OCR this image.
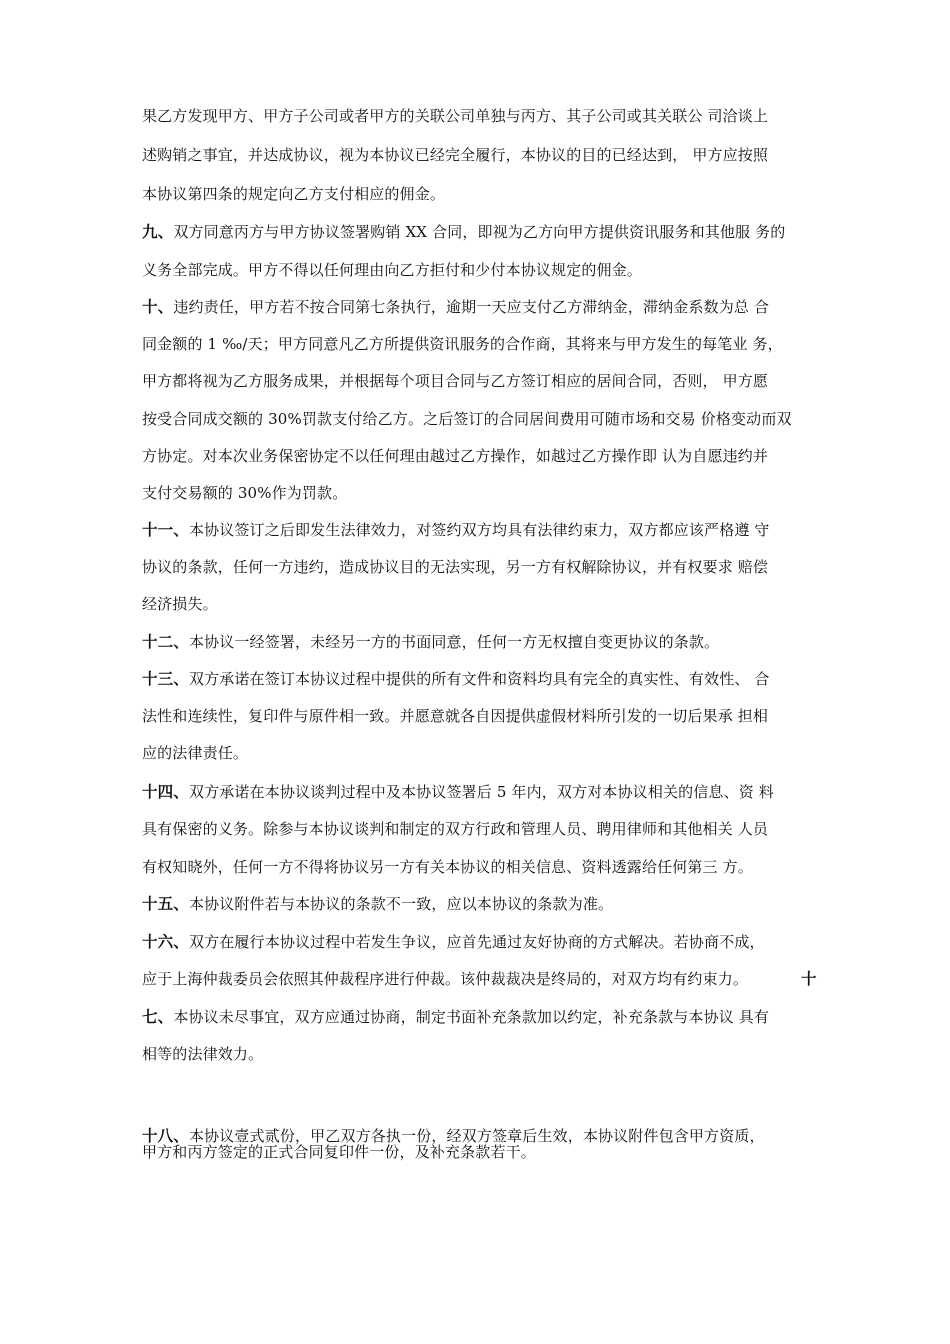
果乙方发现甲方、甲方子公司或者甲方的关联公司单独与丙方、其子公司或其关联公 司洽谈上
述购销之事宜，并达成协议，视为本协议已经完全履行，本协议的目的已经达到， 甲方应按照
本协议第四条的规定向乙方支付相应的佣金。
九、双方同意丙方与甲方协议签署购销 XX 合同，即视为乙方向甲方提供资讯服务和其他服 务的
义务全部完成。甲方不得以任何理由向乙方拒付和少付本协议规定的佣金。
十、违约责任，甲方若不按合同第七条执行，逾期一天应支付乙方滞纳金，滞纳金系数为总 合
同金额的 1 ‰/天；甲方同意凡乙方所提供资讯服务的合作商，其将来与甲方发生的每笔业 务，
甲方都将视为乙方服务成果，并根据每个项目合同与乙方签订相应的居间合同，否则， 甲方愿
按受合同成交额的 30%罚款支付给乙方。之后签订的合同居间费用可随市场和交易 价格变动而双
方协定。对本次业务保密协定不以任何理由越过乙方操作，如越过乙方操作即 认为自愿违约并
支付交易额的 30%作为罚款。
十一、本协议签订之后即发生法律效力，对签约双方均具有法律约束力，双方都应该严格遵 守
协议的条款，任何一方违约，造成协议目的无法实现，另一方有权解除协议，并有权要求 赔偿
经济损失。
十二、本协议一经签署，未经另一方的书面同意，任何一方无权擅自变更协议的条款。
十三、双方承诺在签订本协议过程中提供的所有文件和资料均具有完全的真实性、有效性、 合
法性和连续性，复印件与原件相一致。并愿意就各自因提供虚假材料所引发的一切后果承 担相
应的法律责任。
十四、双方承诺在本协议谈判过程中及本协议签署后 5 年内，双方对本协议相关的信息、资 料
具有保密的义务。除参与本协议谈判和制定的双方行政和管理人员、聘用律师和其他相关 人员
有权知晓外，任何一方不得将协议另一方有关本协议的相关信息、资料透露给任何第三 方。
十五、本协议附件若与本协议的条款不一致，应以本协议的条款为准。
十六、双方在履行本协议过程中若发生争议，应首先通过友好协商的方式解决。若协商不成，
应于上海仲裁委员会依照其仲裁程序进行仲裁。该仲裁裁决是终局的，对双方均有约束力。	十
七、本协议未尽事宜，双方应通过协商，制定书面补充条款加以约定，补充条款与本协议 具有
相等的法律效力。
十八、本协议壹式贰份，甲乙双方各执一份，经双方签章后生效，本协议附件包含甲方资质，
甲方和丙方签定的正式合同复印件一份，及补充条款若干。
